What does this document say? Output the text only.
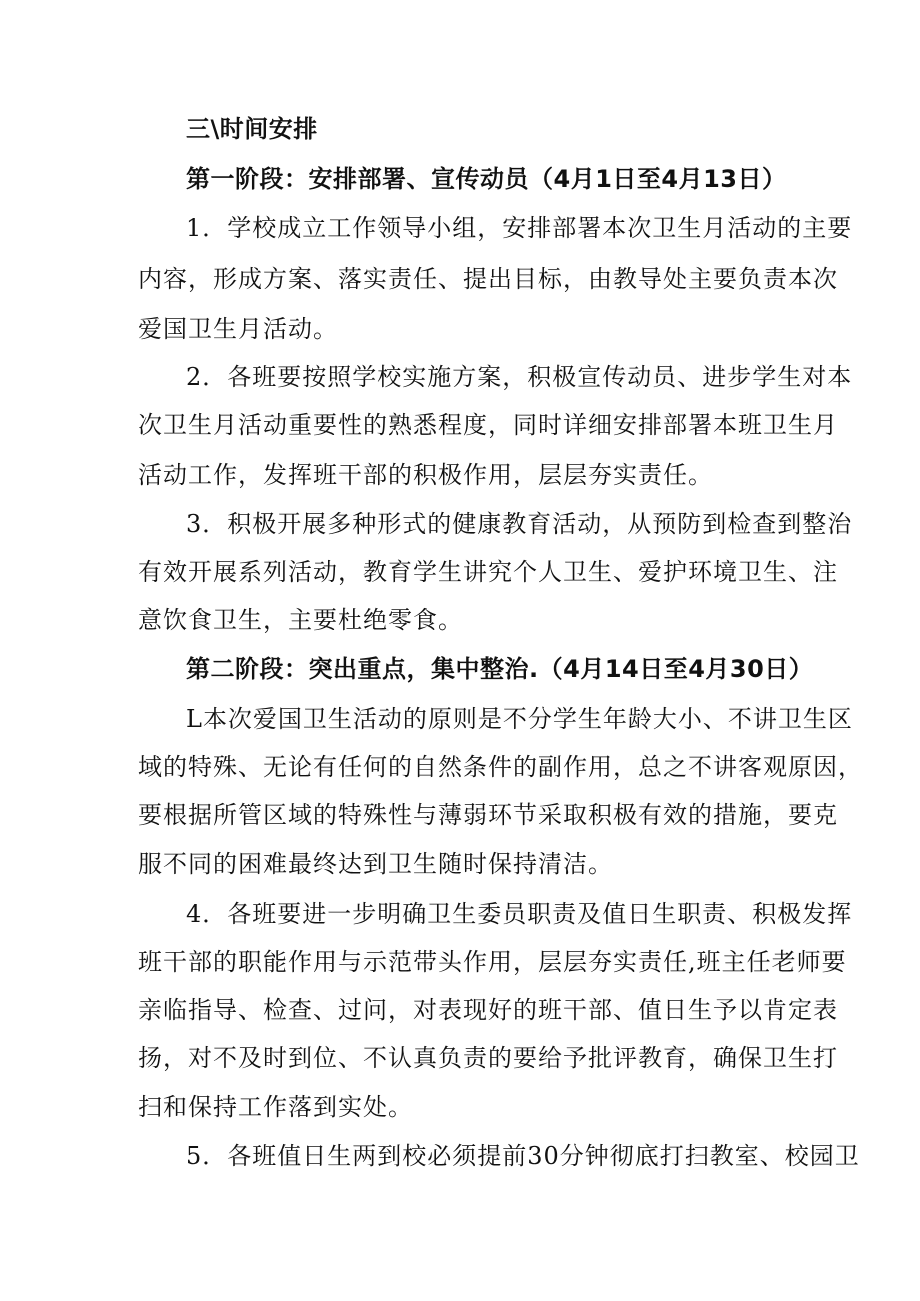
三\时间安排
第一阶段：安排部署、宣传动员（4月1日至4月13日）
1．学校成立工作领导小组，安排部署本次卫生月活动的主要
内容，形成方案、落实责任、提出目标，由教导处主要负责本次
爱国卫生月活动。
2．各班要按照学校实施方案，积极宣传动员、进步学生对本
次卫生月活动重要性的熟悉程度，同时详细安排部署本班卫生月
活动工作，发挥班干部的积极作用，层层夯实责任。
3．积极开展多种形式的健康教育活动，从预防到检查到整治
有效开展系列活动，教育学生讲究个人卫生、爱护环境卫生、注
意饮食卫生，主要杜绝零食。
第二阶段：突出重点，集中整治.（4月14日至4月30日）
L本次爱国卫生活动的原则是不分学生年龄大小、不讲卫生区
域的特殊、无论有任何的自然条件的副作用，总之不讲客观原因，
要根据所管区域的特殊性与薄弱环节采取积极有效的措施，要克
服不同的困难最终达到卫生随时保持清洁。
4．各班要进一步明确卫生委员职责及值日生职责、积极发挥
班干部的职能作用与示范带头作用，层层夯实责任,班主任老师要
亲临指导、检查、过问，对表现好的班干部、值日生予以肯定表
扬，对不及时到位、不认真负责的要给予批评教育，确保卫生打
扫和保持工作落到实处。
5．各班值日生两到校必须提前30分钟彻底打扫教室、校园卫
